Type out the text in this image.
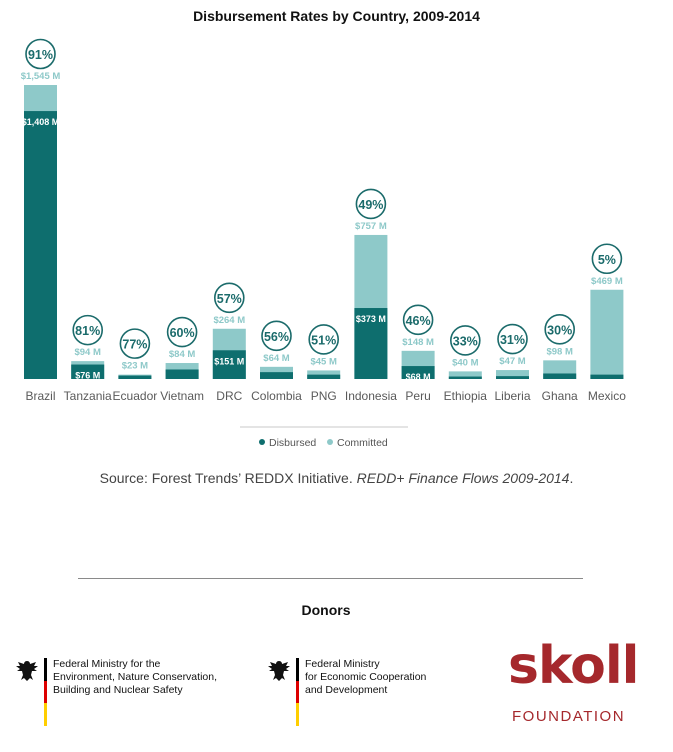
Disbursement Rates by Country, 2009-2014
$1,545 M
$1,408 M
91%
Brazil
$94 M
$76 M
81%
Tanzania
$23 M
77%
Ecuador
$84 M
60%
Vietnam
$264 M
$151 M
57%
DRC
$64 M
56%
Colombia
$45 M
51%
PNG
$757 M
$373 M
49%
Indonesia
$148 M
$68 M
46%
Peru
$40 M
33%
Ethiopia
$47 M
31%
Liberia
$98 M
30%
Ghana
$469 M
5%
Mexico
Disbursed Committed
Source: Forest Trends’ REDDX Initiative. REDD+ Finance Flows 2009-2014.
Donors
Federal Ministry for the
Environment, Nature Conservation,
Building and Nuclear Safety
Federal Ministry
for Economic Cooperation
and Development	skoll
FOUNDATION
